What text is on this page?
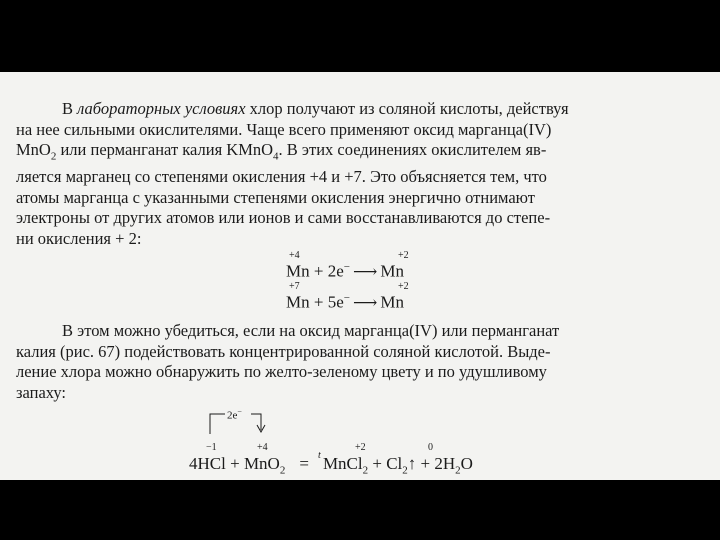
В лабораторных условиях хлор получают из соляной кислоты, действуя
на нее сильными окислителями. Чаще всего применяют оксид марганца(IV)
MnO$_2$ или перманганат калия KMnO$_4$. В этих соединениях окислителем яв-
ляется марганец со степенями окисления +4 и +7. Это объясняется тем, что
атомы марганца с указанными степенями окисления энергично отнимают
электроны от других атомов или ионов и сами восстанавливаются до степе-
ни окисления + 2:
+4	+2
Mn + 2e− ⟶ Mn
+7	+2
Mn + 5e− ⟶ Mn
В этом можно убедиться, если на оксид марганца(IV) или перманганат
калия (рис. 67) подействовать концентрированной соляной кислотой. Выде-
ление хлора можно обнаружить по желто-зеленому цвету и по удушливому
запаху:
2e−
−1	+4	+2	0
t
4HCl + MnO$_2$ = MnCl$_2$ + $Cl_2↑ + 2H_2O$
